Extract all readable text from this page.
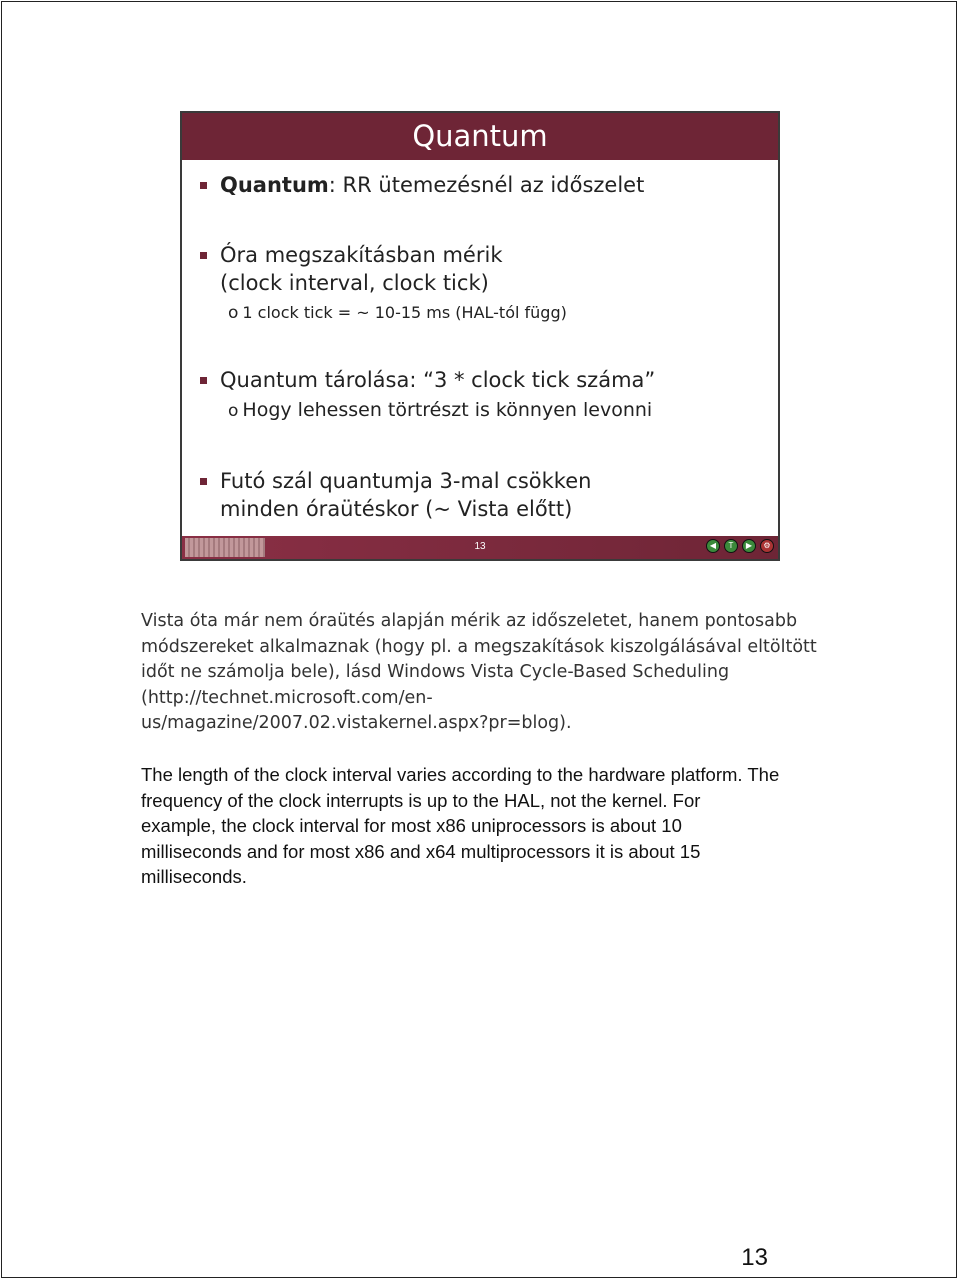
Quantum
Quantum: RR ütemezésnél az időszelet
Óra megszakításban mérik
(clock interval, clock tick)
o 1 clock tick = ~ 10-15 ms (HAL-tól függ)
Quantum tárolása: “3 * clock tick száma”
o Hogy lehessen törtrészt is könnyen levonni
Futó szál quantumja 3-mal csökken
minden óraütéskor (~ Vista előtt)
13	◀	T	▶	⚙
Vista óta már nem óraütés alapján mérik az időszeletet, hanem pontosabb
módszereket alkalmaznak (hogy pl. a megszakítások kiszolgálásával eltöltött
időt ne számolja bele), lásd Windows Vista Cycle-Based Scheduling
(http://technet.microsoft.com/en-
us/magazine/2007.02.vistakernel.aspx?pr=blog).
The length of the clock interval varies according to the hardware platform. The
frequency of the clock interrupts is up to the HAL, not the kernel. For
example, the clock interval for most x86 uniprocessors is about 10
milliseconds and for most x86 and x64 multiprocessors it is about 15
milliseconds.
13
